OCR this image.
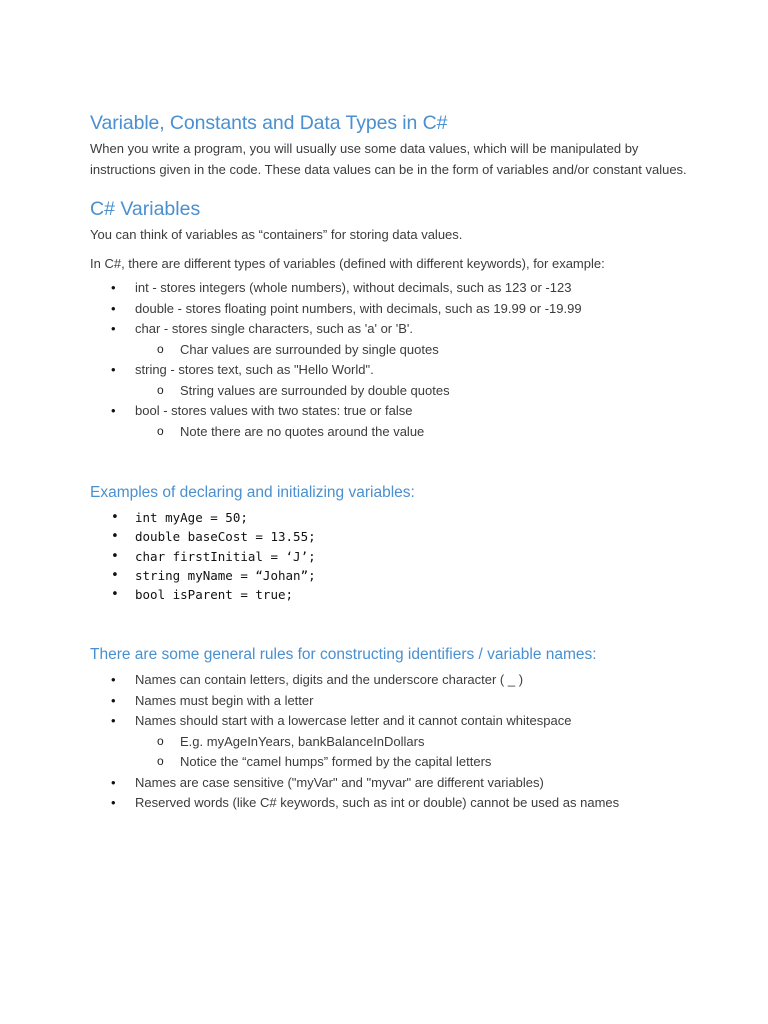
Variable, Constants and Data Types in C#

When you write a program, you will usually use some data values, which will be manipulated by

instructions given in the code. These data values can be in the form of variables and/or constant values.

C# Variables

You can think of variables as “containers” for storing data values.

In C#, there are different types of variables (defined with different keywords), for example:

• int - stores integers (whole numbers), without decimals, such as 123 or -123
• double - stores floating point numbers, with decimals, such as 19.99 or -19.99
• char - stores single characters, such as 'a' or 'B'.
o Char values are surrounded by single quotes
• string - stores text, such as "Hello World".
o String values are surrounded by double quotes
• bool - stores values with two states: true or false
o Note there are no quotes around the value
Examples of declaring and initializing variables:
• int myAge = 50;
• double baseCost = 13.55;
• char firstInitial = ‘J’;
• string myName = “Johan”;
• bool isParent = true;
There are some general rules for constructing identifiers / variable names:
• Names can contain letters, digits and the underscore character ( _ )
• Names must begin with a letter
• Names should start with a lowercase letter and it cannot contain whitespace
o E.g. myAgeInYears, bankBalanceInDollars
o Notice the “camel humps” formed by the capital letters
• Names are case sensitive ("myVar" and "myvar" are different variables)
• Reserved words (like C# keywords, such as int or double) cannot be used as names
